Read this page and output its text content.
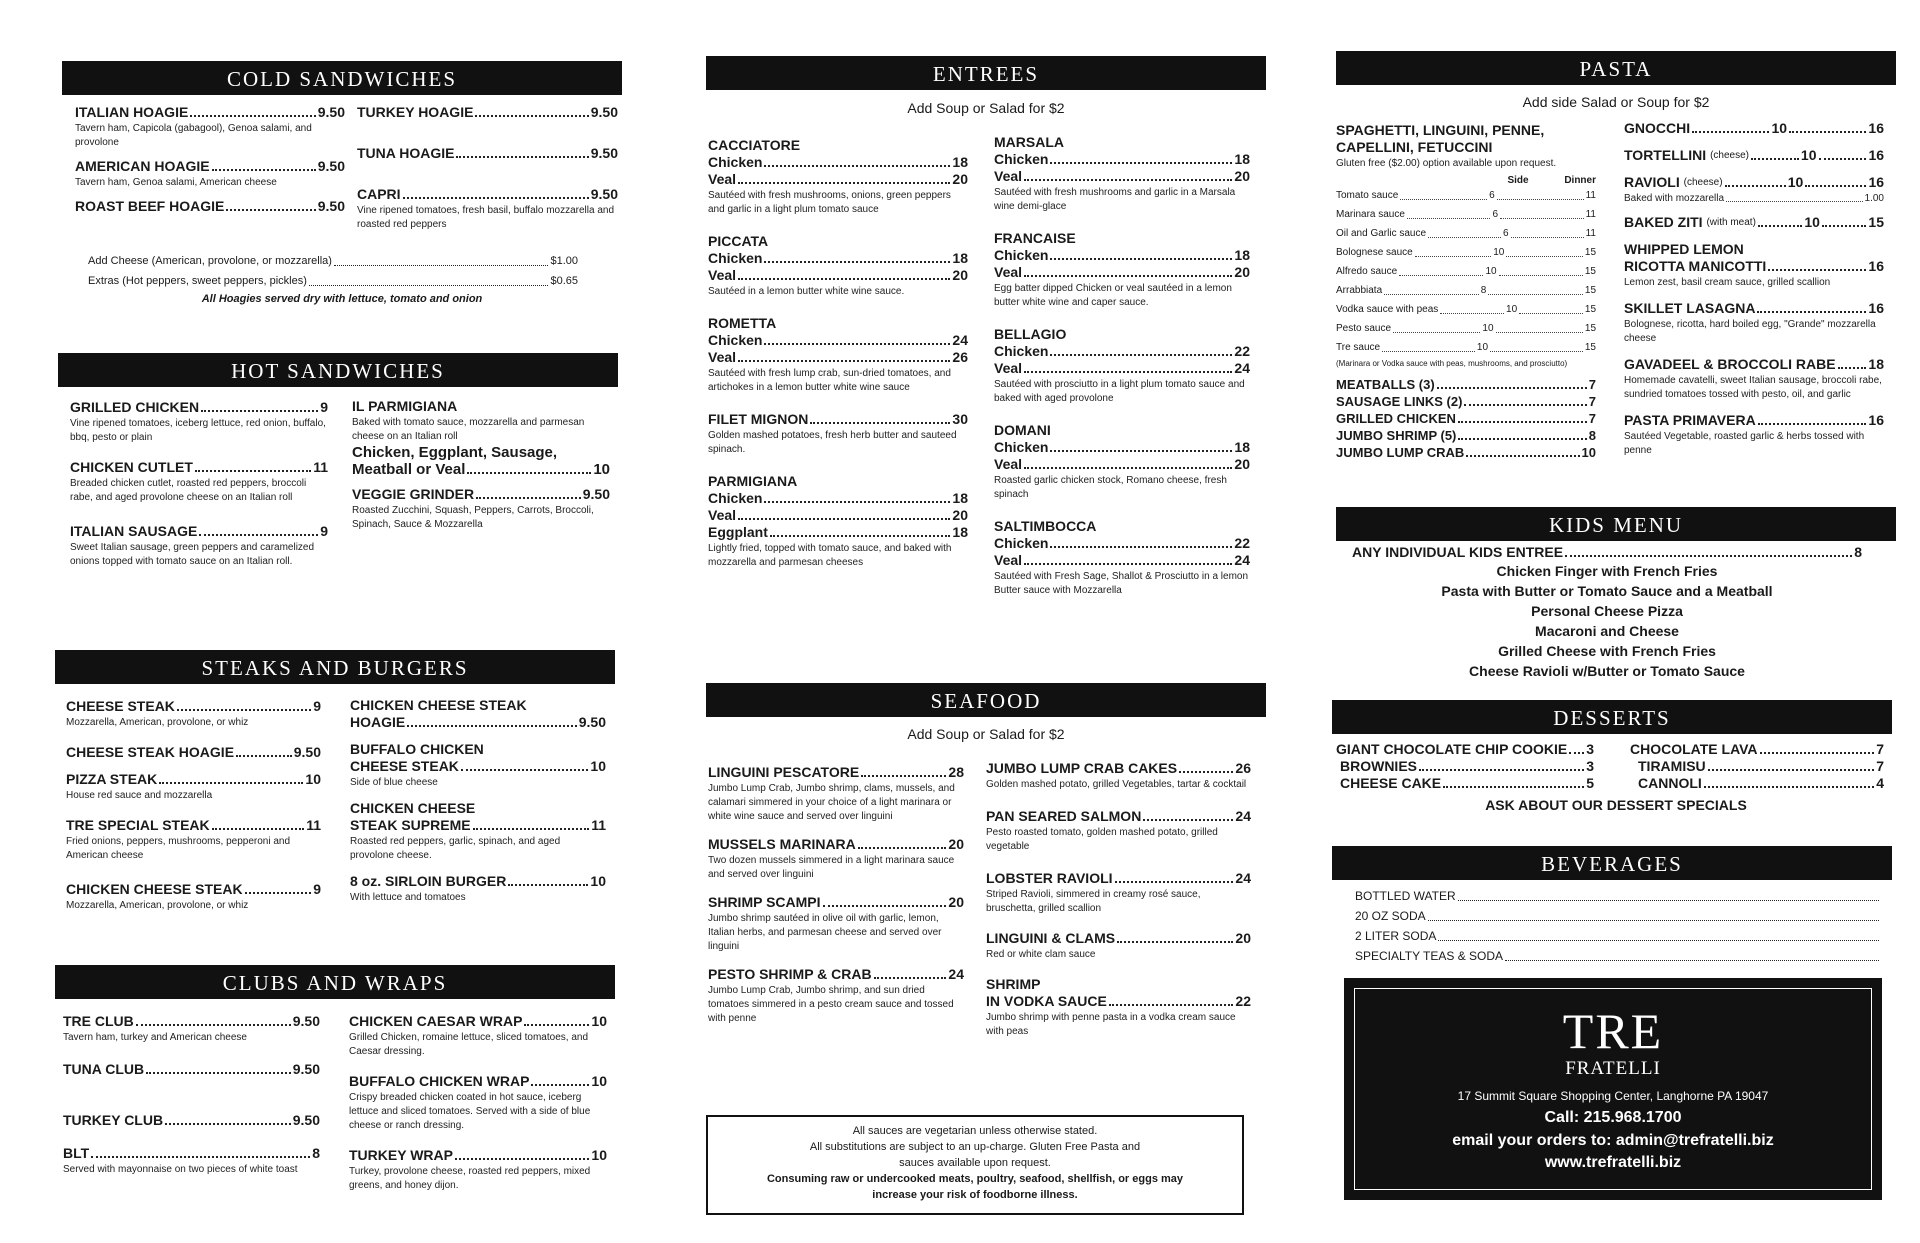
COLD SANDWICHES
ITALIAN HOAGIE	9.50
Tavern ham, Capicola (gabagool), Genoa salami, and provolone
AMERICAN HOAGIE	9.50
Tavern ham, Genoa salami, American cheese
ROAST BEEF HOAGIE	9.50
TURKEY HOAGIE	9.50
TUNA HOAGIE	9.50
CAPRI	9.50
Vine ripened tomatoes, fresh basil, buffalo mozzarella and roasted red peppers
Add Cheese (American, provolone, or mozzarella)	$1.00
Extras (Hot peppers, sweet peppers, pickles)	$0.65
All Hoagies served dry with lettuce, tomato and onion
HOT SANDWICHES
GRILLED CHICKEN	9
Vine ripened tomatoes, iceberg lettuce, red onion, buffalo, bbq, pesto or plain
CHICKEN CUTLET	11
Breaded chicken cutlet, roasted red peppers, broccoli rabe, and aged provolone cheese on an Italian roll
ITALIAN SAUSAGE	9
Sweet Italian sausage, green peppers and caramelized onions topped with tomato sauce on an Italian roll.
IL PARMIGIANA
Baked with tomato sauce, mozzarella and parmesan cheese on an Italian roll
Chicken, Eggplant, Sausage,
Meatball or Veal	10
VEGGIE GRINDER	9.50
Roasted Zucchini, Squash, Peppers, Carrots, Broccoli, Spinach, Sauce & Mozzarella
STEAKS AND BURGERS
CHEESE STEAK	9
Mozzarella, American, provolone, or whiz
CHEESE STEAK HOAGIE	9.50
PIZZA STEAK	10
House red sauce and mozzarella
TRE SPECIAL STEAK	11
Fried onions, peppers, mushrooms, pepperoni and American cheese
CHICKEN CHEESE STEAK	9
Mozzarella, American, provolone, or whiz
CHICKEN CHEESE STEAK
HOAGIE	9.50
BUFFALO CHICKEN
CHEESE STEAK	10
Side of blue cheese
CHICKEN CHEESE
STEAK SUPREME	11
Roasted red peppers, garlic, spinach, and aged provolone cheese.
8 oz. SIRLOIN BURGER	10
With lettuce and tomatoes
CLUBS AND WRAPS
TRE CLUB	9.50
Tavern ham, turkey and American cheese
TUNA CLUB	9.50
TURKEY CLUB	9.50
BLT	8
Served with mayonnaise on two pieces of white toast
CHICKEN CAESAR WRAP	10
Grilled Chicken, romaine lettuce, sliced tomatoes, and Caesar dressing.
BUFFALO CHICKEN WRAP	10
Crispy breaded chicken coated in hot sauce, iceberg lettuce and sliced tomatoes. Served with a side of blue cheese or ranch dressing.
TURKEY WRAP	10
Turkey, provolone cheese, roasted red peppers, mixed greens, and honey dijon.
ENTREES
Add Soup or Salad for $2
CACCIATORE
Chicken	18
Veal	20
Sautéed with fresh mushrooms, onions, green peppers and garlic in a light plum tomato sauce
PICCATA
Chicken	18
Veal	20
Sautéed in a lemon butter white wine sauce.
ROMETTA
Chicken	24
Veal	26
Sautéed with fresh lump crab, sun-dried tomatoes, and artichokes in a lemon butter white wine sauce
FILET MIGNON	30
Golden mashed potatoes, fresh herb butter and sauteed spinach.
PARMIGIANA
Chicken	18
Veal	20
Eggplant	18
Lightly fried, topped with tomato sauce, and baked with mozzarella and parmesan cheeses
MARSALA
Chicken	18
Veal	20
Sautéed with fresh mushrooms and garlic in a Marsala wine demi-glace
FRANCAISE
Chicken	18
Veal	20
Egg batter dipped Chicken or veal sautéed in a lemon butter white wine and caper sauce.
BELLAGIO
Chicken	22
Veal	24
Sautéed with prosciutto in a light plum tomato sauce and baked with aged provolone
DOMANI
Chicken	18
Veal	20
Roasted garlic chicken stock, Romano cheese, fresh spinach
SALTIMBOCCA
Chicken	22
Veal	24
Sautéed with Fresh Sage, Shallot & Prosciutto in a lemon Butter sauce with Mozzarella
SEAFOOD
Add Soup or Salad for $2
LINGUINI PESCATORE	28
Jumbo Lump Crab, Jumbo shrimp, clams, mussels, and calamari simmered in your choice of a light marinara or white wine sauce and served over linguini
MUSSELS MARINARA	20
Two dozen mussels simmered in a light marinara sauce and served over linguini
SHRIMP SCAMPI	20
Jumbo shrimp sautéed in olive oil with garlic, lemon, Italian herbs, and parmesan cheese and served over linguini
PESTO SHRIMP & CRAB	24
Jumbo Lump Crab, Jumbo shrimp, and sun dried tomatoes simmered in a pesto cream sauce and tossed with penne
JUMBO LUMP CRAB CAKES	26
Golden mashed potato, grilled Vegetables, tartar & cocktail
PAN SEARED SALMON	24
Pesto roasted tomato, golden mashed potato, grilled vegetable
LOBSTER RAVIOLI	24
Striped Ravioli, simmered in creamy rosé sauce, bruschetta, grilled scallion
LINGUINI & CLAMS	20
Red or white clam sauce
SHRIMP
IN VODKA SAUCE	22
Jumbo shrimp with penne pasta in a vodka cream sauce with peas
All sauces are vegetarian unless otherwise stated.
All substitutions are subject to an up-charge. Gluten Free Pasta and
sauces available upon request.
Consuming raw or undercooked meats, poultry, seafood, shellfish, or eggs may
increase your risk of foodborne illness.
PASTA
Add side Salad or Soup for $2
SPAGHETTI, LINGUINI, PENNE,
CAPELLINI, FETUCCINI
Gluten free ($2.00) option available upon request.
Side	Dinner
Tomato sauce	6	11
Marinara sauce	6	11
Oil and Garlic sauce	6	11
Bolognese sauce	10	15
Alfredo sauce	10	15
Arrabbiata	8	15
Vodka sauce with peas	10	15
Pesto sauce	10	15
Tre sauce	10	15
(Marinara or Vodka sauce with peas, mushrooms, and prosciutto)
MEATBALLS (3)	7
SAUSAGE LINKS (2)	7
GRILLED CHICKEN	7
JUMBO SHRIMP (5)	8
JUMBO LUMP CRAB	10
GNOCCHI	10	16
TORTELLINI
(cheese)	10	16
RAVIOLI
(cheese)	10	16
Baked with mozzarella	1.00
BAKED ZITI
(with meat)	10	15
WHIPPED LEMON
RICOTTA MANICOTTI	16
Lemon zest, basil cream sauce, grilled scallion
SKILLET LASAGNA	16
Bolognese, ricotta, hard boiled egg, "Grande" mozzarella cheese
GAVADEEL & BROCCOLI RABE 18
Homemade cavatelli, sweet Italian sausage, broccoli rabe, sundried tomatoes tossed with pesto, oil, and garlic
PASTA PRIMAVERA	16
Sautéed Vegetable, roasted garlic & herbs tossed with penne
KIDS MENU
ANY INDIVIDUAL KIDS ENTREE	8
Chicken Finger with French Fries
Pasta with Butter or Tomato Sauce and a Meatball
Personal Cheese Pizza
Macaroni and Cheese
Grilled Cheese with French Fries
Cheese Ravioli w/Butter or Tomato Sauce
DESSERTS
GIANT CHOCOLATE CHIP COOKIE 3
BROWNIES	3
CHEESE CAKE	5
CHOCOLATE LAVA	7
TIRAMISU	7
CANNOLI	4
ASK ABOUT OUR DESSERT SPECIALS
BEVERAGES
BOTTLED WATER
20 OZ SODA
2 LITER SODA
SPECIALTY TEAS & SODA
TRE
FRATELLI
17 Summit Square Shopping Center, Langhorne PA 19047
Call: 215.968.1700
email your orders to: admin@trefratelli.biz
www.trefratelli.biz
